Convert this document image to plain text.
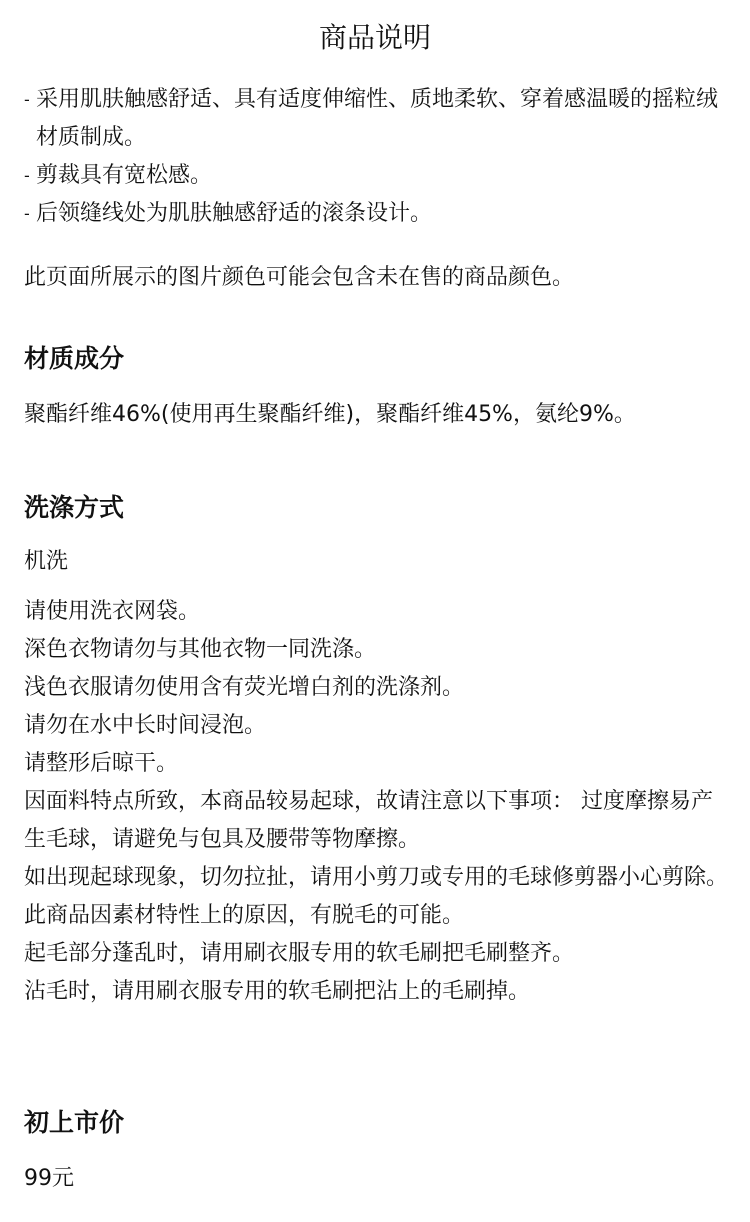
商品说明
- 采用肌肤触感舒适、具有适度伸缩性、质地柔软、穿着感温暖的摇粒绒材质制成。
- 剪裁具有宽松感。
- 后领缝线处为肌肤触感舒适的滚条设计。
此页面所展示的图片颜色可能会包含未在售的商品颜色。
材质成分
聚酯纤维46%(使用再生聚酯纤维)，聚酯纤维45%，氨纶9%。
洗涤方式
机洗
请使用洗衣网袋。
深色衣物请勿与其他衣物一同洗涤。
浅色衣服请勿使用含有荧光增白剂的洗涤剂。
请勿在水中长时间浸泡。
请整形后晾干。
因面料特点所致，本商品较易起球，故请注意以下事项： 过度摩擦易产生毛球，请避免与包具及腰带等物摩擦。
如出现起球现象，切勿拉扯，请用小剪刀或专用的毛球修剪器小心剪除。
此商品因素材特性上的原因，有脱毛的可能。
起毛部分蓬乱时，请用刷衣服专用的软毛刷把毛刷整齐。
沾毛时，请用刷衣服专用的软毛刷把沾上的毛刷掉。
初上市价
99元
